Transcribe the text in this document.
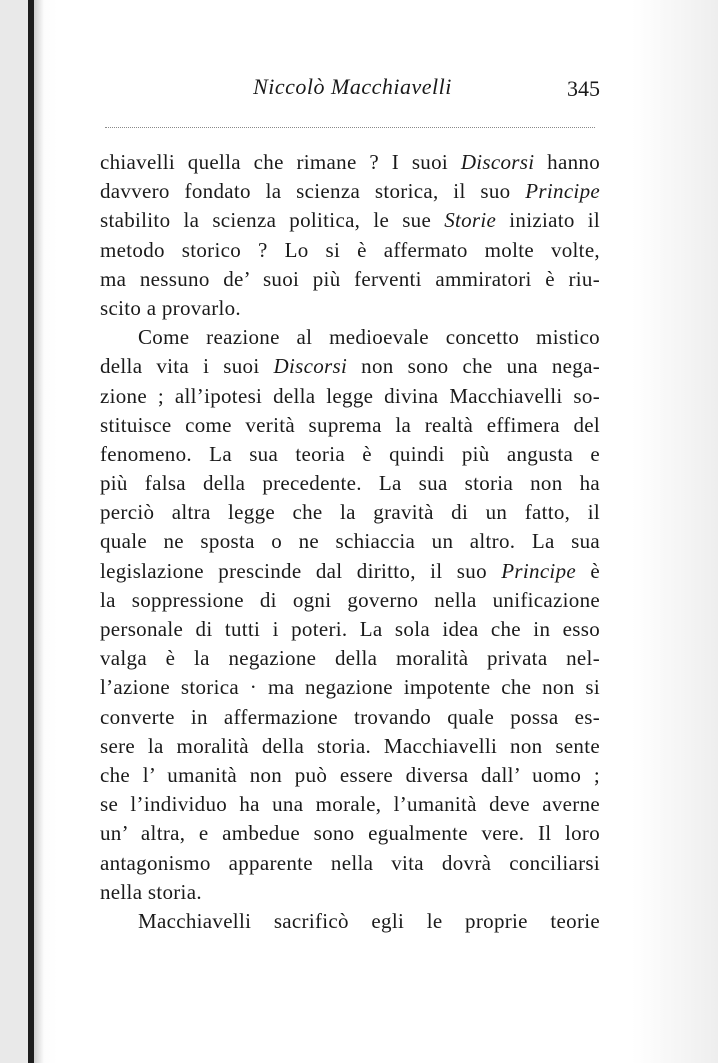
Niccolò Macchiavelli	345
chiavelli quella che rimane ? I suoi Discorsi hanno
davvero fondato la scienza storica, il suo Principe
stabilito la scienza politica, le sue Storie iniziato il
metodo storico ? Lo si è affermato molte volte,
ma nessuno de’ suoi più ferventi ammiratori è riu-
scito a provarlo.
Come reazione al medioevale concetto mistico
della vita i suoi Discorsi non sono che una nega-
zione ; all’ipotesi della legge divina Macchiavelli so-
stituisce come verità suprema la realtà effimera del
fenomeno. La sua teoria è quindi più angusta e
più falsa della precedente. La sua storia non ha
perciò altra legge che la gravità di un fatto, il
quale ne sposta o ne schiaccia un altro. La sua
legislazione prescinde dal diritto, il suo Principe è
la soppressione di ogni governo nella unificazione
personale di tutti i poteri. La sola idea che in esso
valga è la negazione della moralità privata nel-
l’azione storica · ma negazione impotente che non si
converte in affermazione trovando quale possa es-
sere la moralità della storia. Macchiavelli non sente
che l’ umanità non può essere diversa dall’ uomo ;
se l’individuo ha una morale, l’umanità deve averne
un’ altra, e ambedue sono egualmente vere. Il loro
antagonismo apparente nella vita dovrà conciliarsi
nella storia.
Macchiavelli sacrificò egli le proprie teorie
